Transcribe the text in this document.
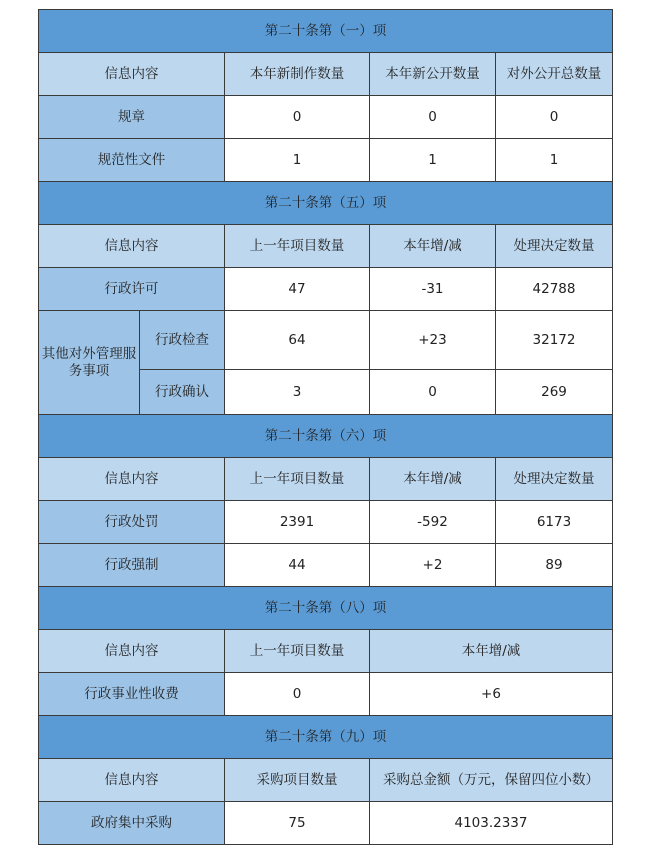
第二十条第（一）项				
信息内容		本年新制作数量	本年新公开数量	对外公开总数量
规章		0	0	0
规范性文件		1	1	1
第二十条第（五）项				
信息内容		上一年项目数量	本年增/减	处理决定数量
行政许可		47	-31	42788

其他对外管理服务事项	行政检查	64	+23	32172
	行政确认	3	0	269
第二十条第（六）项				
信息内容		上一年项目数量	本年增/减	处理决定数量
行政处罚		2391	-592	6173
行政强制		44	+2	89
第二十条第（八）项				
信息内容		上一年项目数量	本年增/减	
行政事业性收费		0	+6	
第二十条第（九）项				
信息内容		采购项目数量	采购总金额（万元，保留四位小数）	
政府集中采购		75	4103.2337	
